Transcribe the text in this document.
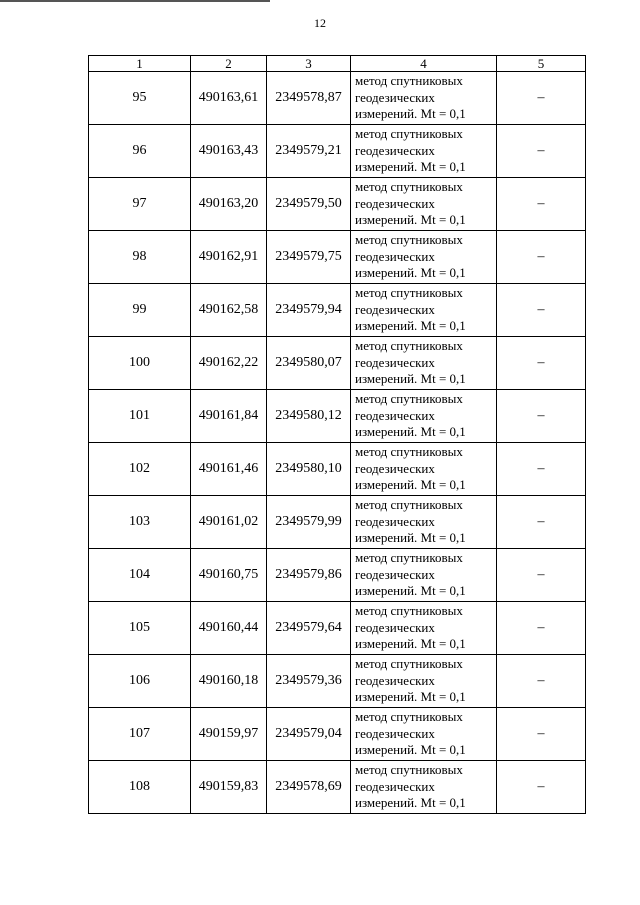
12
1	2	3	4	5
95	490163,61	2349578,87	метод спутниковых
геодезических
измерений. Mt = 0,1	–
96	490163,43	2349579,21	метод спутниковых
геодезических
измерений. Mt = 0,1	–
97	490163,20	2349579,50	метод спутниковых
геодезических
измерений. Mt = 0,1	–
98	490162,91	2349579,75	метод спутниковых
геодезических
измерений. Mt = 0,1	–
99	490162,58	2349579,94	метод спутниковых
геодезических
измерений. Mt = 0,1	–
100	490162,22	2349580,07	метод спутниковых
геодезических
измерений. Mt = 0,1	–
101	490161,84	2349580,12	метод спутниковых
геодезических
измерений. Mt = 0,1	–
102	490161,46	2349580,10	метод спутниковых
геодезических
измерений. Mt = 0,1	–
103	490161,02	2349579,99	метод спутниковых
геодезических
измерений. Mt = 0,1	–
104	490160,75	2349579,86	метод спутниковых
геодезических
измерений. Mt = 0,1	–
105	490160,44	2349579,64	метод спутниковых
геодезических
измерений. Mt = 0,1	–
106	490160,18	2349579,36	метод спутниковых
геодезических
измерений. Mt = 0,1	–
107	490159,97	2349579,04	метод спутниковых
геодезических
измерений. Mt = 0,1	–
108	490159,83	2349578,69	метод спутниковых
геодезических
измерений. Mt = 0,1	–
